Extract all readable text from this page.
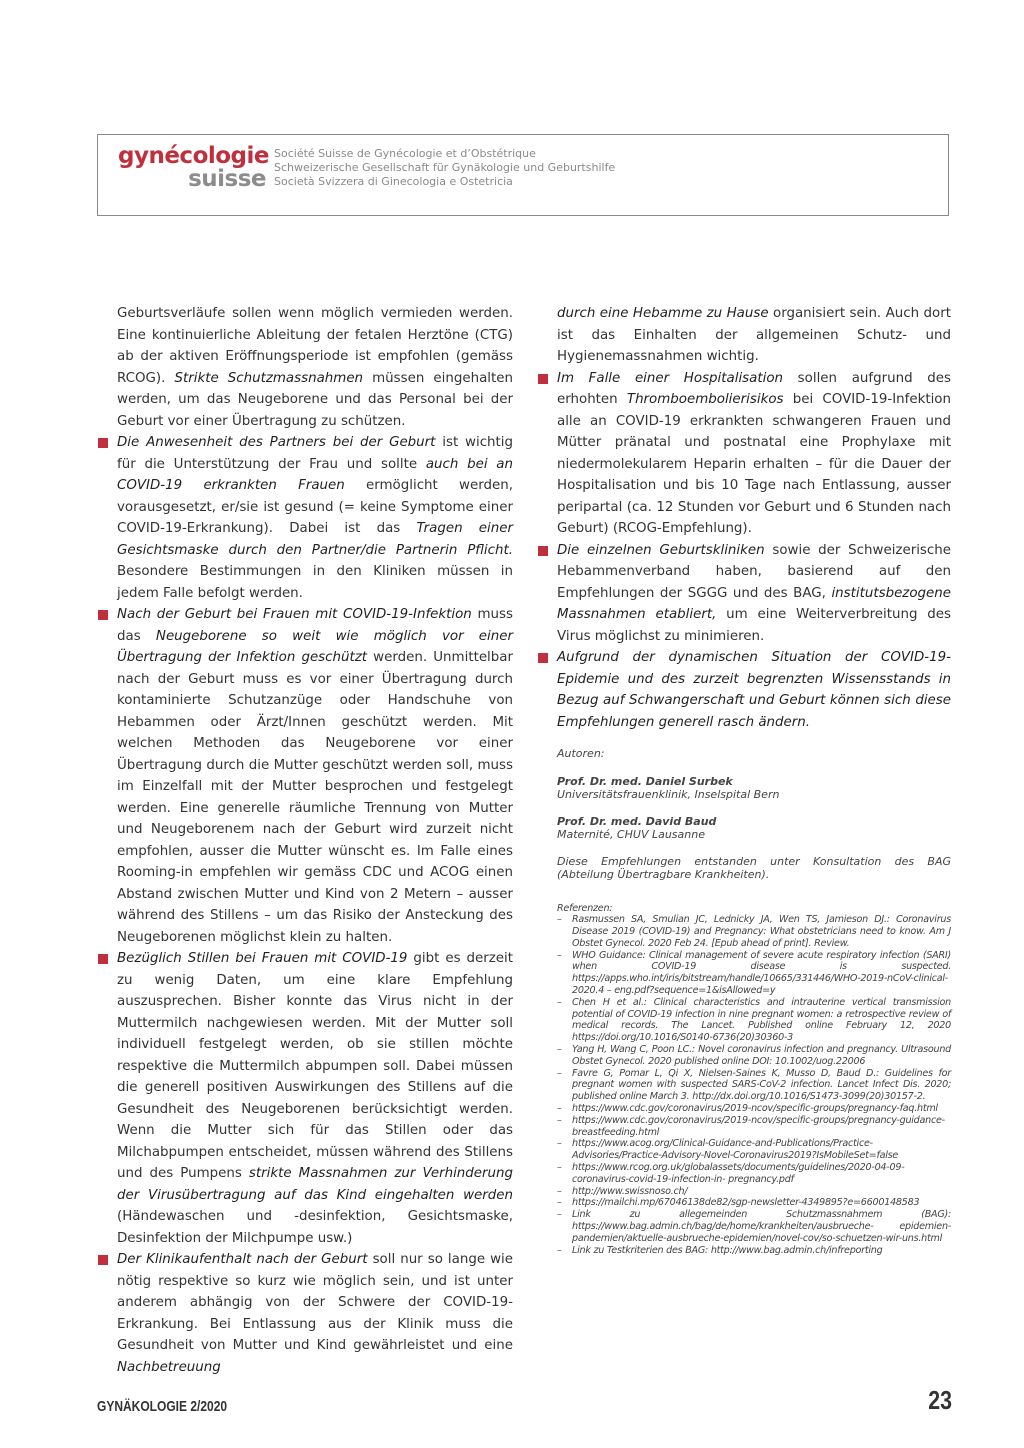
gynécologie
suisse
Société Suisse de Gynécologie et d’Obstétrique
Schweizerische Gesellschaft für Gynäkologie und Geburtshilfe
Società Svizzera di Ginecologia e Ostetricia

Geburtsverläufe sollen wenn möglich vermieden werden. Eine kontinuierliche Ableitung der fetalen Herztöne (CTG) ab der aktiven Eröffnungsperiode ist empfohlen (gemäss RCOG). Strikte Schutzmassnahmen müssen eingehalten werden, um das Neugeborene und das Personal bei der Geburt vor einer Übertragung zu schützen.

Die Anwesenheit des Partners bei der Geburt ist wichtig für die Unterstützung der Frau und sollte auch bei an COVID-19 erkrankten Frauen ermöglicht werden, vorausgesetzt, er/sie ist gesund (= keine Symptome einer COVID-19-Erkrankung). Dabei ist das Tragen einer Gesichtsmaske durch den Partner/die Partnerin Pflicht. Besondere Bestimmungen in den Kliniken müssen in jedem Falle befolgt werden.

Nach der Geburt bei Frauen mit COVID-19-Infektion muss das Neugeborene so weit wie möglich vor einer Übertragung der Infektion geschützt werden. Unmittelbar nach der Geburt muss es vor einer Übertragung durch kontaminierte Schutzanzüge oder Handschuhe von Hebammen oder Ärzt/Innen geschützt werden. Mit welchen Methoden das Neugeborene vor einer Übertragung durch die Mutter geschützt werden soll, muss im Einzelfall mit der Mutter besprochen und festgelegt werden. Eine generelle räumliche Trennung von Mutter und Neugeborenem nach der Geburt wird zurzeit nicht empfohlen, ausser die Mutter wünscht es. Im Falle eines Rooming-in empfehlen wir gemäss CDC und ACOG einen Abstand zwischen Mutter und Kind von 2 Metern – ausser während des Stillens – um das Risiko der Ansteckung des Neugeborenen möglichst klein zu halten.

Bezüglich Stillen bei Frauen mit COVID-19 gibt es derzeit zu wenig Daten, um eine klare Empfehlung auszusprechen. Bisher konnte das Virus nicht in der Muttermilch nachgewiesen werden. Mit der Mutter soll individuell festgelegt werden, ob sie stillen möchte respektive die Muttermilch abpumpen soll. Dabei müssen die generell positiven Auswirkungen des Stillens auf die Gesundheit des Neugeborenen berücksichtigt werden. Wenn die Mutter sich für das Stillen oder das Milchabpumpen entscheidet, müssen während des Stillens und des Pumpens strikte Massnahmen zur Verhinderung der Virusübertragung auf das Kind eingehalten werden (Händewaschen und -desinfektion, Gesichtsmaske, Desinfektion der Milchpumpe usw.)

Der Klinikaufenthalt nach der Geburt soll nur so lange wie nötig respektive so kurz wie möglich sein, und ist unter anderem abhängig von der Schwere der COVID-19-Erkrankung. Bei Entlassung aus der Klinik muss die Gesundheit von Mutter und Kind gewährleistet und eine Nachbetreuung

durch eine Hebamme zu Hause organisiert sein. Auch dort ist das Einhalten der allgemeinen Schutz- und Hygienemassnahmen wichtig.

Im Falle einer Hospitalisation sollen aufgrund des erhohten Thromboembolierisikos bei COVID-19-Infektion alle an COVID-19 erkrankten schwangeren Frauen und Mütter pränatal und postnatal eine Prophylaxe mit niedermolekularem Heparin erhalten – für die Dauer der Hospitalisation und bis 10 Tage nach Entlassung, ausser peripartal (ca. 12 Stunden vor Geburt und 6 Stunden nach Geburt) (RCOG-Empfehlung).

Die einzelnen Geburtskliniken sowie der Schweizerische Hebammenverband haben, basierend auf den Empfehlungen der SGGG und des BAG, institutsbezogene Massnahmen etabliert, um eine Weiterverbreitung des Virus möglichst zu minimieren.

Aufgrund der dynamischen Situation der COVID-19-Epidemie und des zurzeit begrenzten Wissensstands in Bezug auf Schwangerschaft und Geburt können sich diese Empfehlungen generell rasch ändern.

Autoren:
Prof. Dr. med. Daniel Surbek
Universitätsfrauenklinik, Inselspital Bern
Prof. Dr. med. David Baud
Maternité, CHUV Lausanne
Diese Empfehlungen entstanden unter Konsultation des BAG (Abteilung Übertragbare Krankheiten).
Referenzen:
– Rasmussen SA, Smulian JC, Lednicky JA, Wen TS, Jamieson DJ.: Coronavirus Disease 2019 (COVID-19) and Pregnancy: What obstetricians need to know. Am J Obstet Gynecol. 2020 Feb 24. [Epub ahead of print]. Review.
– WHO Guidance: Clinical management of severe acute respiratory infection (SARI) when COVID-19 disease is suspected. https://apps.who.int/iris/bitstream/handle/10665/331446/WHO-2019-nCoV-clinical-2020.4 – eng.pdf?sequence=1&isAllowed=y
– Chen H et al.: Clinical characteristics and intrauterine vertical transmission potential of COVID-19 infection in nine pregnant women: a retrospective review of medical records. The Lancet. Published online February 12, 2020 https://doi.org/10.1016/S0140-6736(20)30360-3
– Yang H, Wang C, Poon LC.: Novel coronavirus infection and pregnancy. Ultrasound Obstet Gynecol. 2020 published online DOI: 10.1002/uog.22006
– Favre G, Pomar L, Qi X, Nielsen-Saines K, Musso D, Baud D.: Guidelines for pregnant women with suspected SARS-CoV-2 infection. Lancet Infect Dis. 2020; published online March 3. http://dx.doi.org/10.1016/S1473-3099(20)30157-2.
– https://www.cdc.gov/coronavirus/2019-ncov/specific-groups/pregnancy-faq.html
– https://www.cdc.gov/coronavirus/2019-ncov/specific-groups/pregnancy-guidance-breastfeeding.html
– https://www.acog.org/Clinical-Guidance-and-Publications/Practice-Advisories/Practice-Advisory-Novel-Coronavirus2019?IsMobileSet=false
– https://www.rcog.org.uk/globalassets/documents/guidelines/2020-04-09-coronavirus-covid-19-infection-in- pregnancy.pdf
– http://www.swissnoso.ch/
– https://mailchi.mp/67046138de82/sgp-newsletter-4349895?e=6600148583
– Link zu allegemeinden Schutzmassnahmem (BAG): https://www.bag.admin.ch/bag/de/home/krankheiten/ausbrueche- epidemien-pandemien/aktuelle-ausbrueche-epidemien/novel-cov/so-schuetzen-wir-uns.html
– Link zu Testkriterien des BAG: http://www.bag.admin.ch/infreporting
GYNÄKOLOGIE 2/2020	23
